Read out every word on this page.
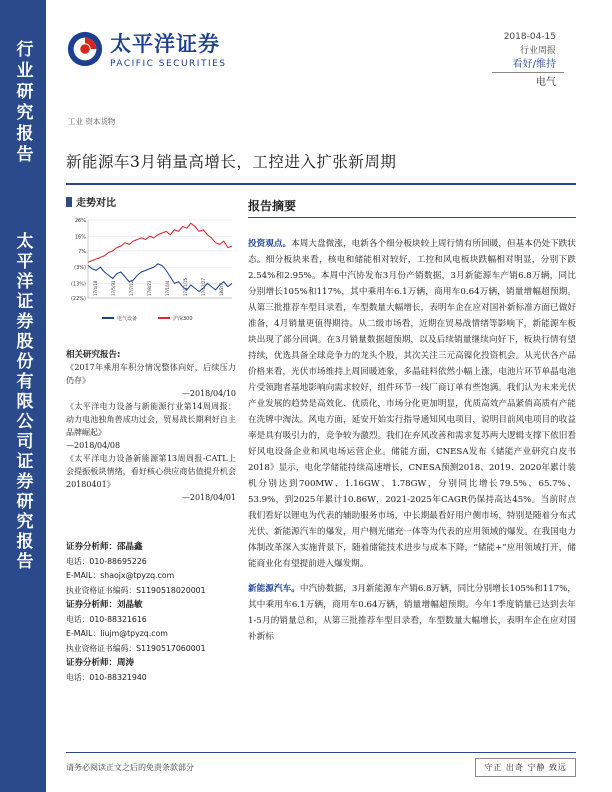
行业研究报告
太平洋证券股份有限公司证券研究报告
太平洋证券
PACIFIC SECURITIES
2018-04-15
行业周报
看好/维持
电气
工业 资本货物
新能源车3月销量高增长，工控进入扩张新周期
走势对比
26%
16%
7%
(3%)
(13%)
(22%)
17/4/18	17/5/31	17/7/12	17/8/23	17/10/4	17/11/15	17/12/27	18/2/7
电气设备	沪深300
相关研究报告:
《2017年乘用车积分情况整体向好，后续压力仍存》
—2018/04/10
《太平洋电力设备与新能源行业第14周周报：动力电池独角兽成功过会，贸易战长期利好自主品牌崛起》
—2018/04/08
《太平洋电力设备新能源第13周周报-CATL上会提振板块情绪，看好核心供应商估值提升机会20180401》
—2018/04/01
证券分析师：邵晶鑫
电话：010-88695226
E-MAIL：shaojx@tpyzq.com
执业资格证书编码：S1190518020001
证券分析师：刘晶敏
电话：010-88321616
E-MAIL：liujm@tpyzq.com
执业资格证书编码：S1190517060001
证券分析师：周涛
电话：010-88321940
报告摘要

投资观点。本周大盘微涨，电新各个细分板块较上周行情有所回暖，但基本仍处下跌状态。细分板块来看，核电和储能相对较好，工控和风电板块跌幅相对明显，分别下跌2.54%和2.95%。本周中汽协发布3月份产销数据，3月新能源车产销6.8万辆，同比分别增长105%和117%，其中乘用车6.1万辆，商用车0.64万辆，销量增幅超预期。从第三批推荐车型目录看，车型数量大幅增长，表明车企在应对国补新标准方面已做好准备，4月销量更值得期待。从二级市场看，近期在贸易战情绪等影响下，新能源车板块出现了部分回调。在3月销量数据超预期，以及后续销量继续向好下，板块行情有望持续，优选具备全球竞争力的龙头个股，其次关注三元高镍化投资机会。从光伏各产品价格来看，光伏市场维持上周回暖迹象，多晶硅料依然小幅上涨，电池片环节单晶电池片受领跑者基地影响向需求较好，组件环节一线厂商订单有些饱满。我们认为未来光伏产业发展的趋势是高效化、优质化，市场分化更加明显，优质高效产品紧俏高质有产能在洗牌中淘汰。风电方面，延安开始实行指导通知风电项目，说明目前风电项目的收益率是具有吸引力的，竞争较为激烈。我们在弃风改善和需求复苏两大逻辑支撑下依旧看好风电设备企业和风电场运营企业。储能方面，CNESA发布《储能产业研究白皮书2018》显示，电化学储能持续高速增长，CNESA预测2018、2019、2020年累计装机分别达到700MW、1.16GW、1.78GW，分别同比增长79.5%、65.7%、53.9%，到2025年累计10.86W，2021-2025年CAGR仍保持高达45%。当前时点我们看好以锂电为代表的辅助服务市场，中长期最看好用户侧市场，特别是随着分布式光伏、新能源汽车的爆发，用户侧光储充一体等为代表的应用领域的爆发。在我国电力体制改革深入实施背景下，随着储能技术进步与成本下降，“储能+”应用领域打开，储能商业化有望提前进入爆发期。

新能源汽车。中汽协数据，3月新能源车产销6.8万辆，同比分别增长105%和117%，其中乘用车6.1万辆，商用车0.64万辆，销量增幅超预期。今年1季度销量已达到去年1-5月的销量总和，从第三批推荐车型目录看，车型数量大幅增长，表明车企在应对国补新标

请务必阅读正文之后的免责条款部分	守正 出奇 宁静 致远
